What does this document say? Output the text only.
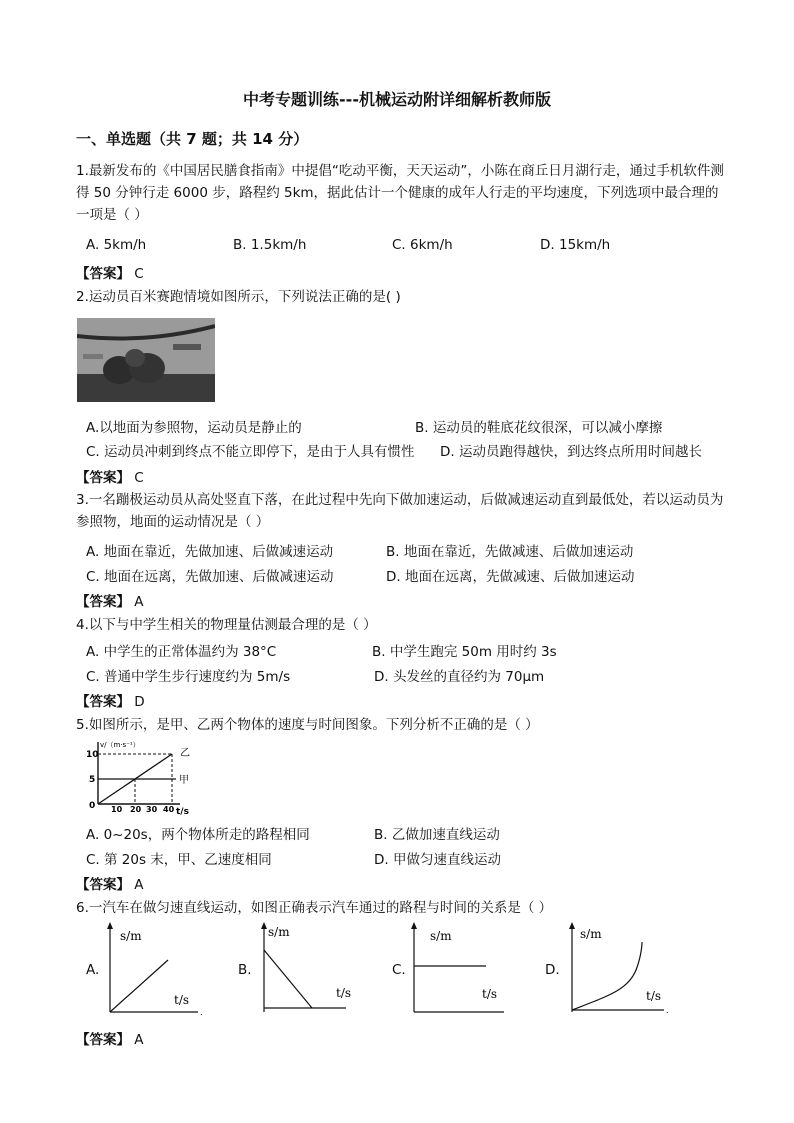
中考专题训练---机械运动附详细解析教师版
一、单选题（共 7 题；共 14 分）
1.最新发布的《中国居民膳食指南》中提倡“吃动平衡，天天运动”，小陈在商丘日月湖行走，通过手机软件测得 50 分钟行走 6000 步，路程约 5km，据此估计一个健康的成年人行走的平均速度，下列选项中最合理的一项是（ ）
A. 5km/h	B. 1.5km/h	C. 6km/h	D. 15km/h
【答案】 C
2.运动员百米赛跑情境如图所示，下列说法正确的是( )
A.以地面为参照物，运动员是静止的	B. 运动员的鞋底花纹很深，可以减小摩擦
C. 运动员冲刺到终点不能立即停下，是由于人具有惯性 D. 运动员跑得越快，到达终点所用时间越长
【答案】 C
3.一名蹦极运动员从高处竖直下落，在此过程中先向下做加速运动，后做减速运动直到最低处，若以运动员为参照物，地面的运动情况是（ ）
A. 地面在靠近，先做加速、后做减速运动	B. 地面在靠近，先做减速、后做加速运动
C. 地面在远离，先做加速、后做减速运动	D. 地面在远离，先做减速、后做加速运动
【答案】 A
4.以下与中学生相关的物理量估测最合理的是（ ）
A. 中学生的正常体温约为 38°C	B. 中学生跑完 50m 用时约 3s
C. 普通中学生步行速度约为 5m/s	D. 头发丝的直径约为 70μm
【答案】 D
5.如图所示，是甲、乙两个物体的速度与时间图象。下列分析不正确的是（ ）
v/（m·s⁻¹）
乙
甲
10
5
0 10 20 30 40 t/s
A. 0~20s，两个物体所走的路程相同	B. 乙做加速直线运动
C. 第 20s 末，甲、乙速度相同	D. 甲做匀速直线运动
【答案】 A
6.一汽车在做匀速直线运动，如图正确表示汽车通过的路程与时间的关系是（ ）
A.
.
s/m
t/s
B.
s/m
t/s
C.
s/m
t/s
D.
.
s/m
t/s
【答案】 A
